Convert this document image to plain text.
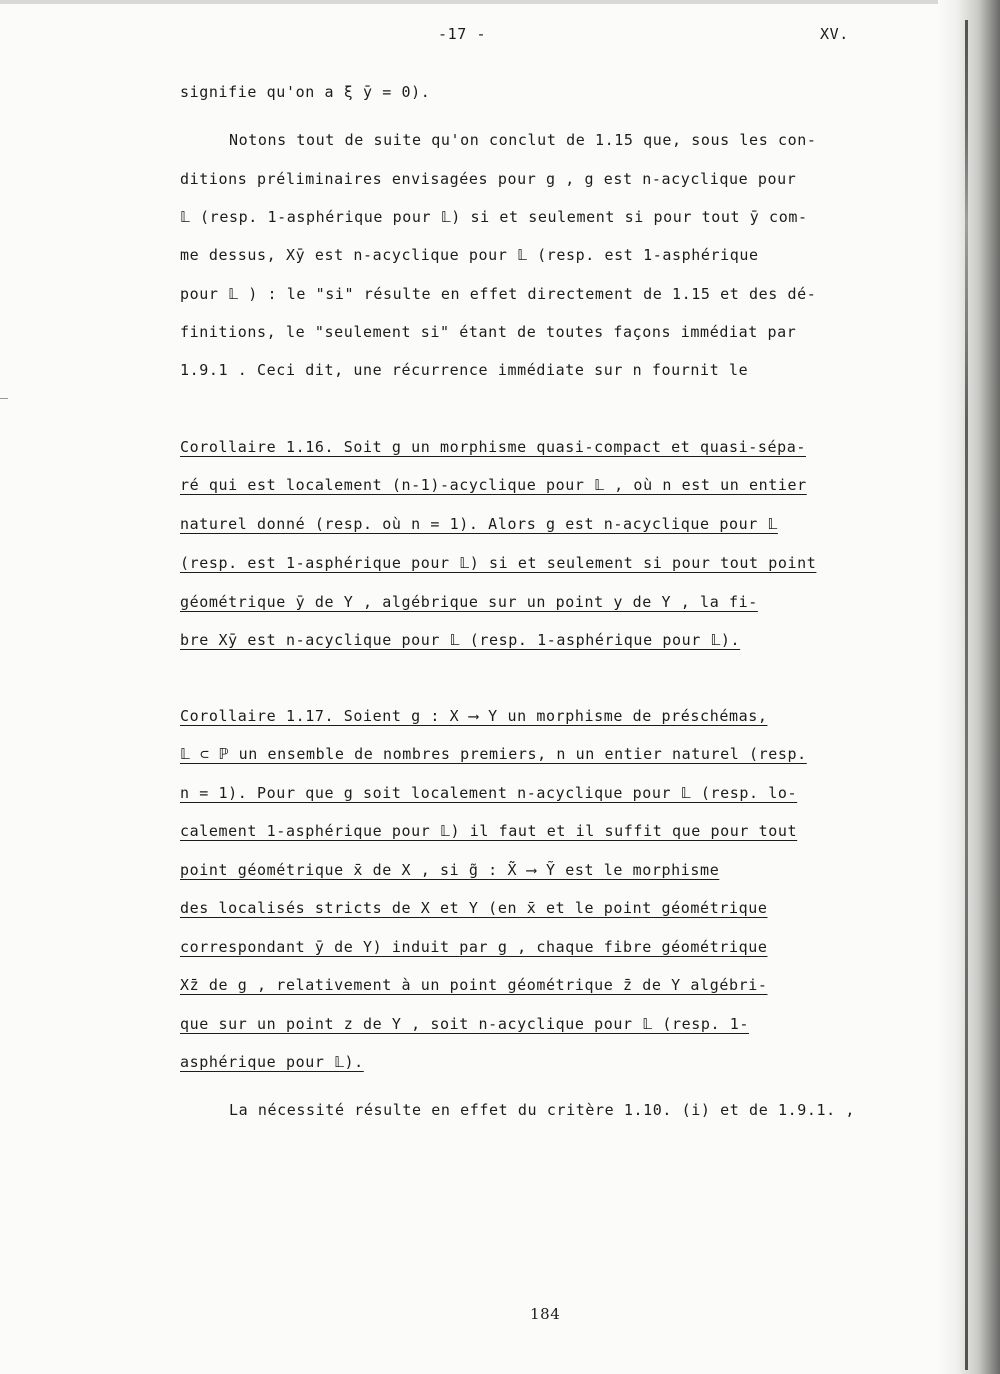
-17 -	XV.
signifie qu'on a ξ ȳ = 0).
Notons tout de suite qu'on conclut de 1.15 que, sous les con-
ditions préliminaires envisagées pour g , g est n-acyclique pour
𝕃 (resp. 1-asphérique pour 𝕃) si et seulement si pour tout ȳ com-
me dessus, Xȳ est n-acyclique pour 𝕃 (resp. est 1-asphérique
pour 𝕃 ) : le "si" résulte en effet directement de 1.15 et des dé-
finitions, le "seulement si" étant de toutes façons immédiat par
1.9.1 . Ceci dit, une récurrence immédiate sur n fournit le
Corollaire 1.16. Soit g un morphisme quasi-compact et quasi-sépa-
ré qui est localement (n-1)-acyclique pour 𝕃 , où n est un entier
naturel donné (resp. où n = 1). Alors g est n-acyclique pour 𝕃
(resp. est 1-asphérique pour 𝕃) si et seulement si pour tout point
géométrique ȳ de Y , algébrique sur un point y de Y , la fi-
bre Xȳ est n-acyclique pour 𝕃 (resp. 1-asphérique pour 𝕃).
Corollaire 1.17. Soient g : X ⟶ Y un morphisme de préschémas,
𝕃 ⊂ ℙ un ensemble de nombres premiers, n un entier naturel (resp.
n = 1). Pour que g soit localement n-acyclique pour 𝕃 (resp. lo-
calement 1-asphérique pour 𝕃) il faut et il suffit que pour tout
point géométrique x̄ de X , si g̃ : X̃ ⟶ Ỹ est le morphisme
des localisés stricts de X et Y (en x̄ et le point géométrique
correspondant ȳ de Y) induit par g , chaque fibre géométrique
Xz̄ de g , relativement à un point géométrique z̄ de Y algébri-
que sur un point z de Y , soit n-acyclique pour 𝕃 (resp. 1-
asphérique pour 𝕃).
La nécessité résulte en effet du critère 1.10. (i) et de 1.9.1. ,
184
